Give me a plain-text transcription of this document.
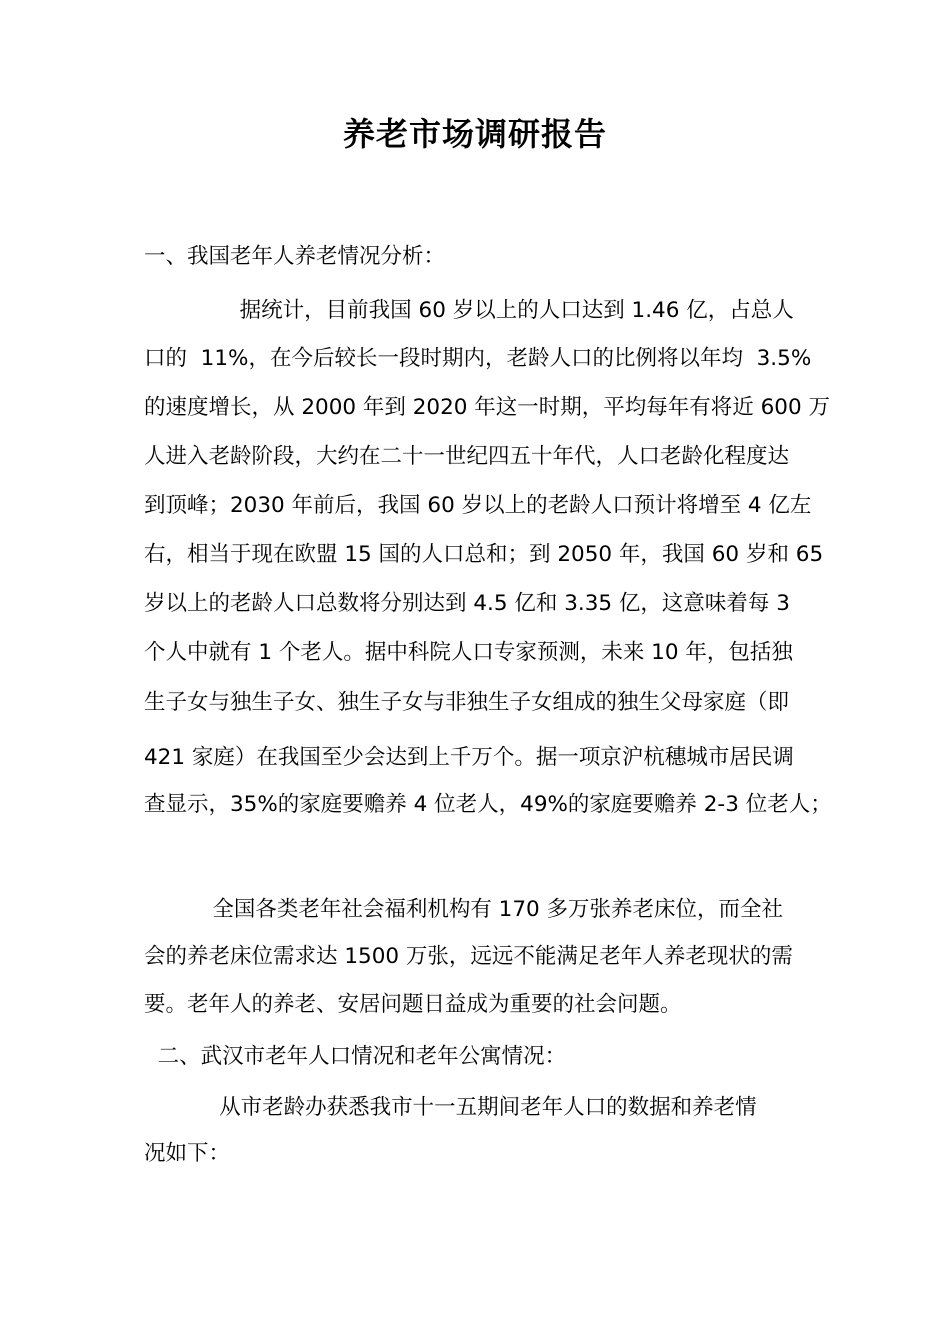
养老市场调研报告
一、我国老年人养老情况分析：
据统计，目前我国 60 岁以上的人口达到 1.46 亿，占总人
口的  11%，在今后较长一段时期内，老龄人口的比例将以年均  3.5%
的速度增长，从 2000 年到 2020 年这一时期，平均每年有将近 600 万
人进入老龄阶段，大约在二十一世纪四五十年代，人口老龄化程度达
到顶峰；2030 年前后，我国 60 岁以上的老龄人口预计将增至 4 亿左
右，相当于现在欧盟 15 国的人口总和；到 2050 年，我国 60 岁和 65
岁以上的老龄人口总数将分别达到 4.5 亿和 3.35 亿，这意味着每 3
个人中就有 1 个老人。据中科院人口专家预测，未来 10 年，包括独
生子女与独生子女、独生子女与非独生子女组成的独生父母家庭（即
421 家庭）在我国至少会达到上千万个。据一项京沪杭穗城市居民调
查显示，35%的家庭要赡养 4 位老人，49%的家庭要赡养 2-3 位老人；
全国各类老年社会福利机构有 170 多万张养老床位，而全社
会的养老床位需求达 1500 万张，远远不能满足老年人养老现状的需
要。老年人的养老、安居问题日益成为重要的社会问题。
二、武汉市老年人口情况和老年公寓情况：
从市老龄办获悉我市十一五期间老年人口的数据和养老情
况如下：
